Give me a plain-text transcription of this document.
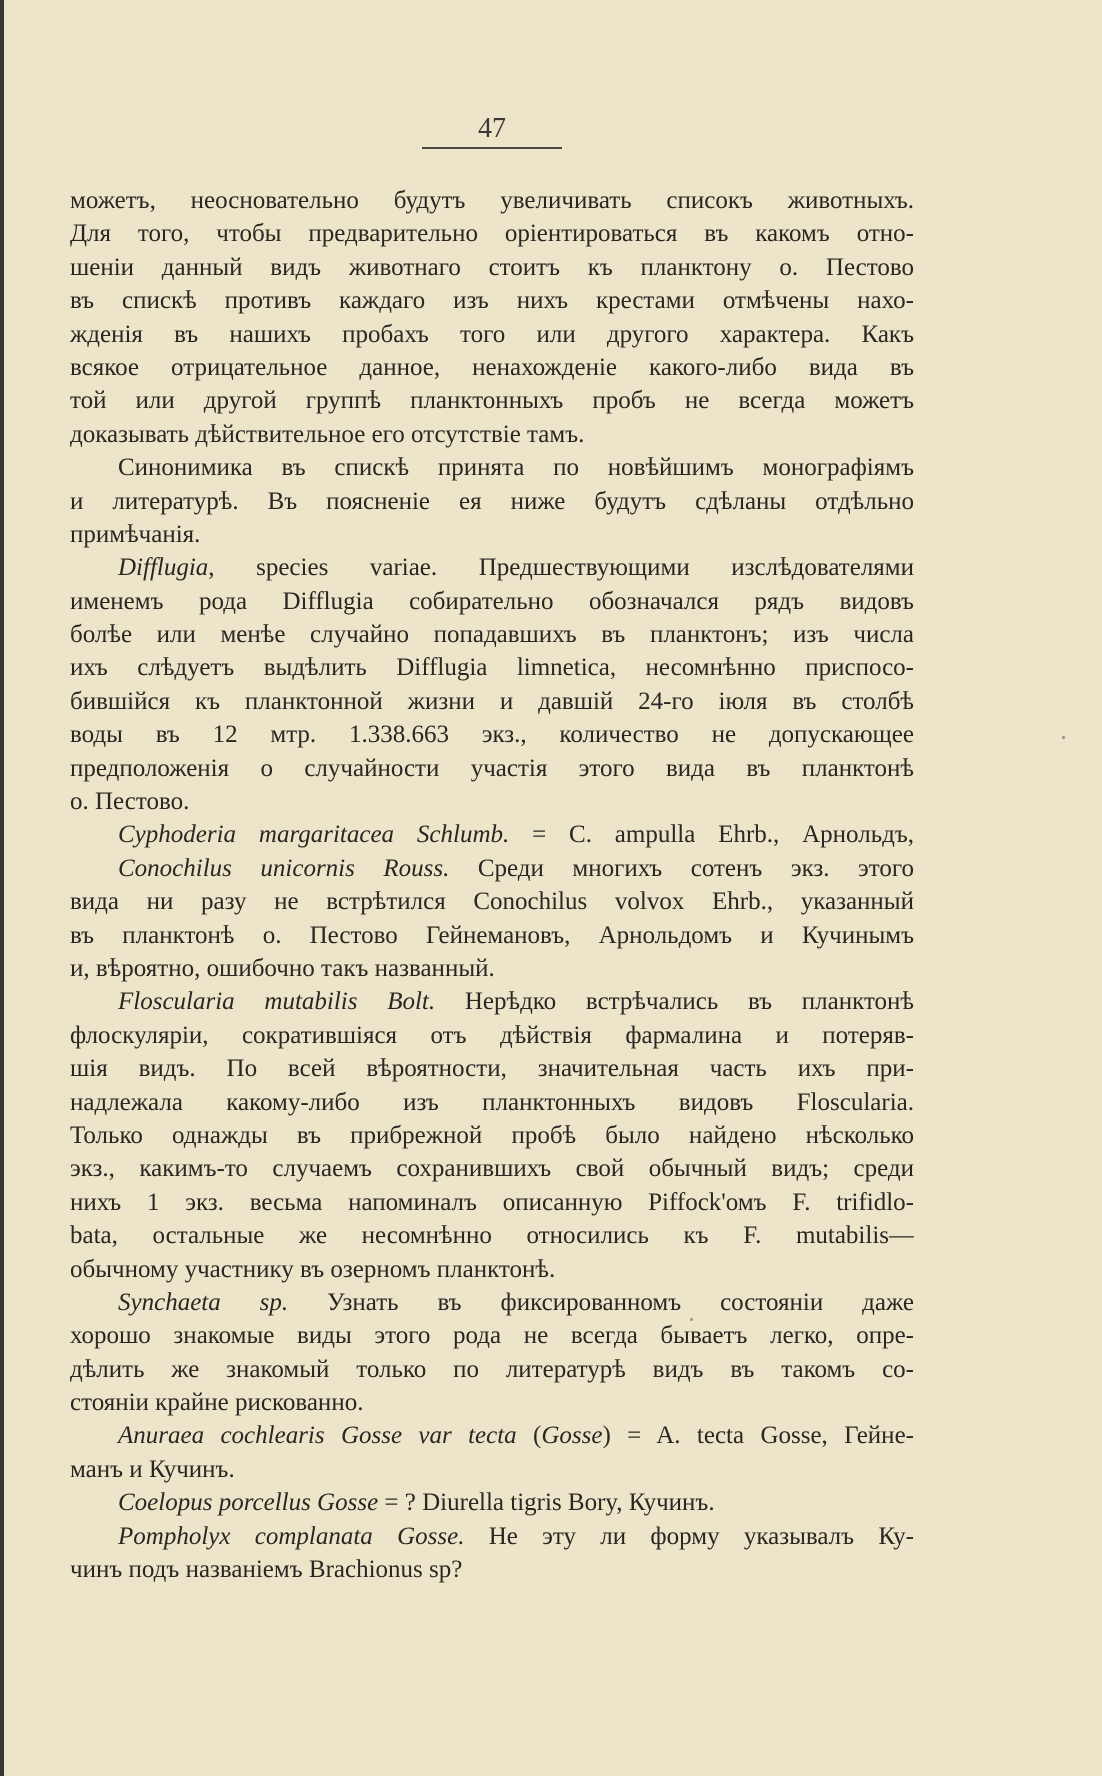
47
можетъ, неосновательно будутъ увеличивать списокъ животныхъ.
Для того, чтобы предварительно оріентироваться въ какомъ отно-
шеніи данный видъ животнаго стоитъ къ планктону о. Пестово
въ спискѣ противъ каждаго изъ нихъ крестами отмѣчены нахо-
жденія въ нашихъ пробахъ того или другого характера. Какъ
всякое отрицательное данное, ненахожденіе какого-либо вида въ
той или другой группѣ планктонныхъ пробъ не всегда можетъ
доказывать дѣйствительное его отсутствіе тамъ.
Синонимика въ спискѣ принята по новѣйшимъ монографіямъ
и литературѣ. Въ поясненіе ея ниже будутъ сдѣланы отдѣльно
примѣчанія.
Difflugia, species variae. Предшествующими изслѣдователями
именемъ рода Difflugia собирательно обозначался рядъ видовъ
болѣе или менѣе случайно попадавшихъ въ планктонъ; изъ числа
ихъ слѣдуетъ выдѣлить Difflugia limnetica, несомнѣнно приспосо-
бившійся къ планктонной жизни и давшій 24-го іюля въ столбѣ
воды въ 12 мтр. 1.338.663 экз., количество не допускающее
предположенія о случайности участія этого вида въ планктонѣ
о. Пестово.
Cyphoderia margaritacea Schlumb. = C. ampulla Ehrb., Арнольдъ,
Conochilus unicornis Rouss. Среди многихъ сотенъ экз. этого
вида ни разу не встрѣтился Conochilus volvox Ehrb., указанный
въ планктонѣ о. Пестово Гейнемановъ, Арнольдомъ и Кучинымъ
и, вѣроятно, ошибочно такъ названный.
Floscularia mutabilis Bolt. Нерѣдко встрѣчались въ планктонѣ
флоскуляріи, сократившіяся отъ дѣйствія фармалина и потеряв-
шія видъ. По всей вѣроятности, значительная часть ихъ при-
надлежала какому-либо изъ планктонныхъ видовъ Floscularia.
Только однажды въ прибрежной пробѣ было найдено нѣсколько
экз., какимъ-то случаемъ сохранившихъ свой обычный видъ; среди
нихъ 1 экз. весьма напоминалъ описанную Piffock'омъ F. trifidlo-
bata, остальные же несомнѣнно относились къ F. mutabilis—
обычному участнику въ озерномъ планктонѣ.
Synchaeta sp. Узнать въ фиксированномъ состояніи даже
хорошо знакомые виды этого рода не всегда бываетъ легко, опре-
дѣлить же знакомый только по литературѣ видъ въ такомъ со-
стояніи крайне рискованно.
Anuraea cochlearis Gosse var tecta (Gosse) = A. tecta Gosse, Гейне-
манъ и Кучинъ.
Coelopus porcellus Gosse = ? Diurella tigris Bory, Кучинъ.
Pompholyx complanata Gosse. Не эту ли форму указывалъ Ку-
чинъ подъ названіемъ Brachionus sp?
